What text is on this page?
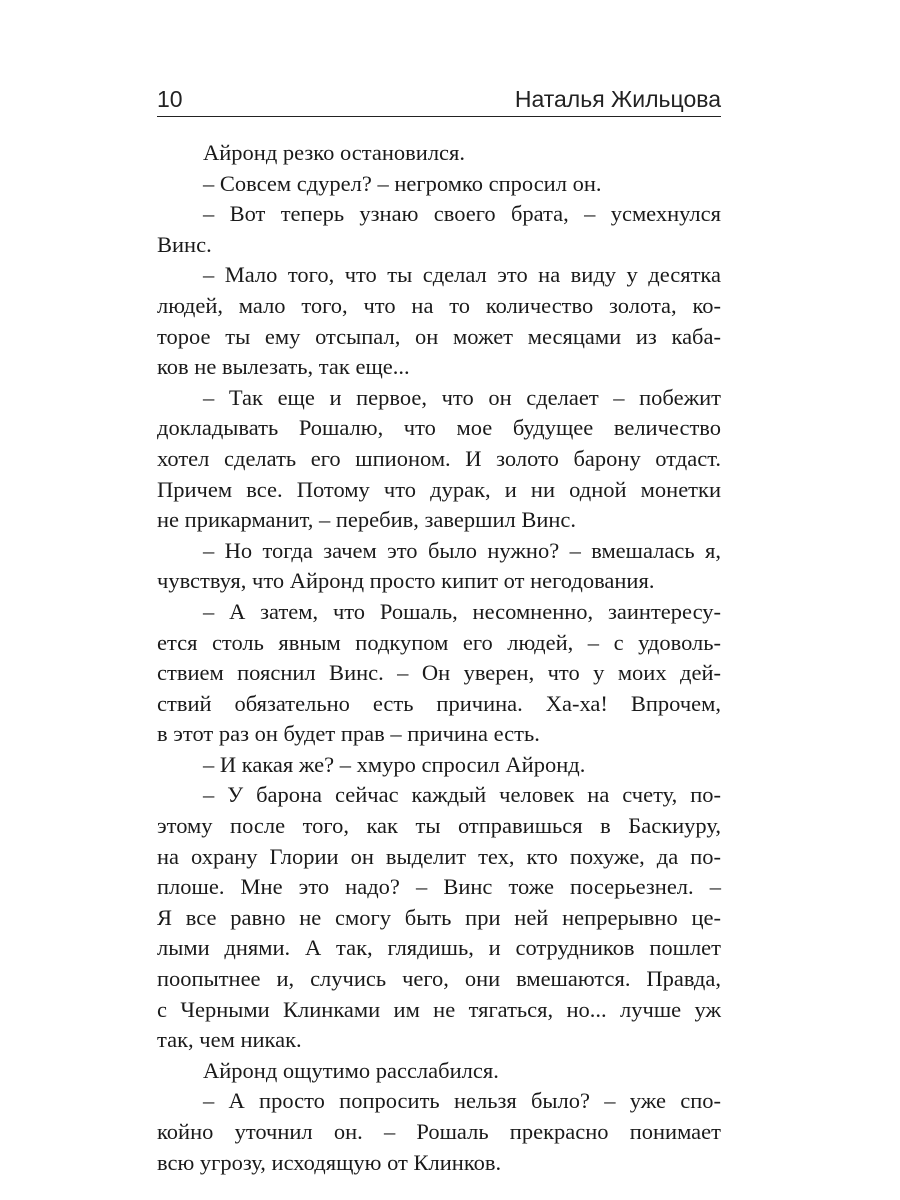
10	Наталья Жильцова
Айронд резко остановился.
– Совсем сдурел? – негромко спросил он.
– Вот теперь узнаю своего брата, – усмехнулся
Винс.
– Мало того, что ты сделал это на виду у десятка
людей, мало того, что на то количество золота, ко-
торое ты ему отсыпал, он может месяцами из каба-
ков не вылезать, так еще...
– Так еще и первое, что он сделает – побежит
докладывать Рошалю, что мое будущее величество
хотел сделать его шпионом. И золото барону отдаст.
Причем все. Потому что дурак, и ни одной монетки
не прикарманит, – перебив, завершил Винс.
– Но тогда зачем это было нужно? – вмешалась я,
чувствуя, что Айронд просто кипит от негодования.
– А затем, что Рошаль, несомненно, заинтересу-
ется столь явным подкупом его людей, – с удоволь-
ствием пояснил Винс. – Он уверен, что у моих дей-
ствий обязательно есть причина. Ха-ха! Впрочем,
в этот раз он будет прав – причина есть.
– И какая же? – хмуро спросил Айронд.
– У барона сейчас каждый человек на счету, по-
этому после того, как ты отправишься в Баскиуру,
на охрану Глории он выделит тех, кто похуже, да по-
плоше. Мне это надо? – Винс тоже посерьезнел. –
Я все равно не смогу быть при ней непрерывно це-
лыми днями. А так, глядишь, и сотрудников пошлет
поопытнее и, случись чего, они вмешаются. Правда,
с Черными Клинками им не тягаться, но... лучше уж
так, чем никак.
Айронд ощутимо расслабился.
– А просто попросить нельзя было? – уже спо-
койно уточнил он. – Рошаль прекрасно понимает
всю угрозу, исходящую от Клинков.
